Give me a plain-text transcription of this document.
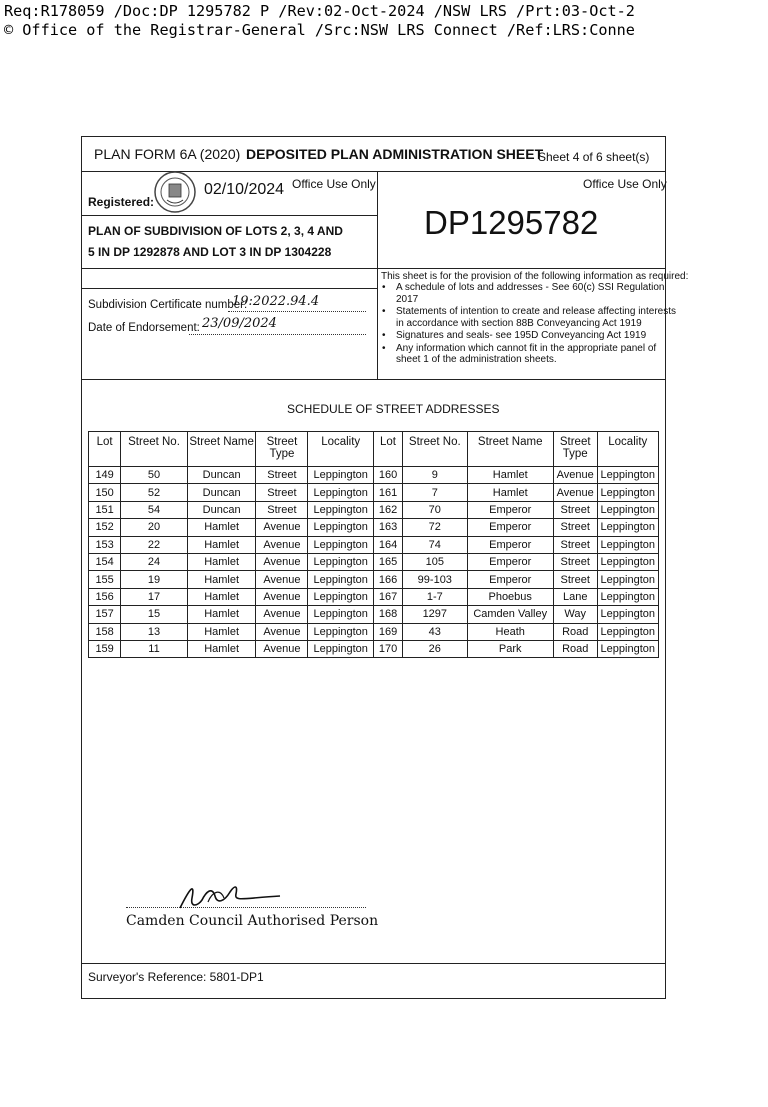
Req:R178059 /Doc:DP 1295782 P /Rev:02-Oct-2024 /NSW LRS /Prt:03-Oct-2
© Office of the Registrar-General /Src:NSW LRS Connect /Ref:LRS:Conne
PLAN FORM 6A (2020) DEPOSITED PLAN ADMINISTRATION SHEET
Sheet 4 of 6 sheet(s)
Office Use Only
Registered:
02/10/2024
PLAN OF SUBDIVISION OF LOTS 2, 3, 4 AND
5 IN DP 1292878 AND LOT 3 IN DP 1304228
Subdivision Certificate number:
19:2022.94.4
Date of Endorsement: 23/09/2024
Office Use Only
DP1295782
This sheet is for the provision of the following information as required:
• A schedule of lots and addresses - See 60(c) SSI Regulation 2017
• Statements of intention to create and release affecting interests in accordance with section 88B Conveyancing Act 1919
• Signatures and seals- see 195D Conveyancing Act 1919
• Any information which cannot fit in the appropriate panel of sheet 1 of the administration sheets.
SCHEDULE OF STREET ADDRESSES
Lot	Street No.	Street Name	Street Type	Locality	Lot	Street No.	Street Name	Street Type	Locality
149	50	Duncan	Street	Leppington	160	9	Hamlet	Avenue	Leppington
150	52	Duncan	Street	Leppington	161	7	Hamlet	Avenue	Leppington
151	54	Duncan	Street	Leppington	162	70	Emperor	Street	Leppington
152	20	Hamlet	Avenue	Leppington	163	72	Emperor	Street	Leppington
153	22	Hamlet	Avenue	Leppington	164	74	Emperor	Street	Leppington
154	24	Hamlet	Avenue	Leppington	165	105	Emperor	Street	Leppington
155	19	Hamlet	Avenue	Leppington	166	99-103	Emperor	Street	Leppington
156	17	Hamlet	Avenue	Leppington	167	1-7	Phoebus	Lane	Leppington
157	15	Hamlet	Avenue	Leppington	168	1297	Camden Valley	Way	Leppington
158	13	Hamlet	Avenue	Leppington	169	43	Heath	Road	Leppington
159	11	Hamlet	Avenue	Leppington	170	26	Park	Road	Leppington
Camden Council Authorised Person
Surveyor's Reference: 5801-DP1
